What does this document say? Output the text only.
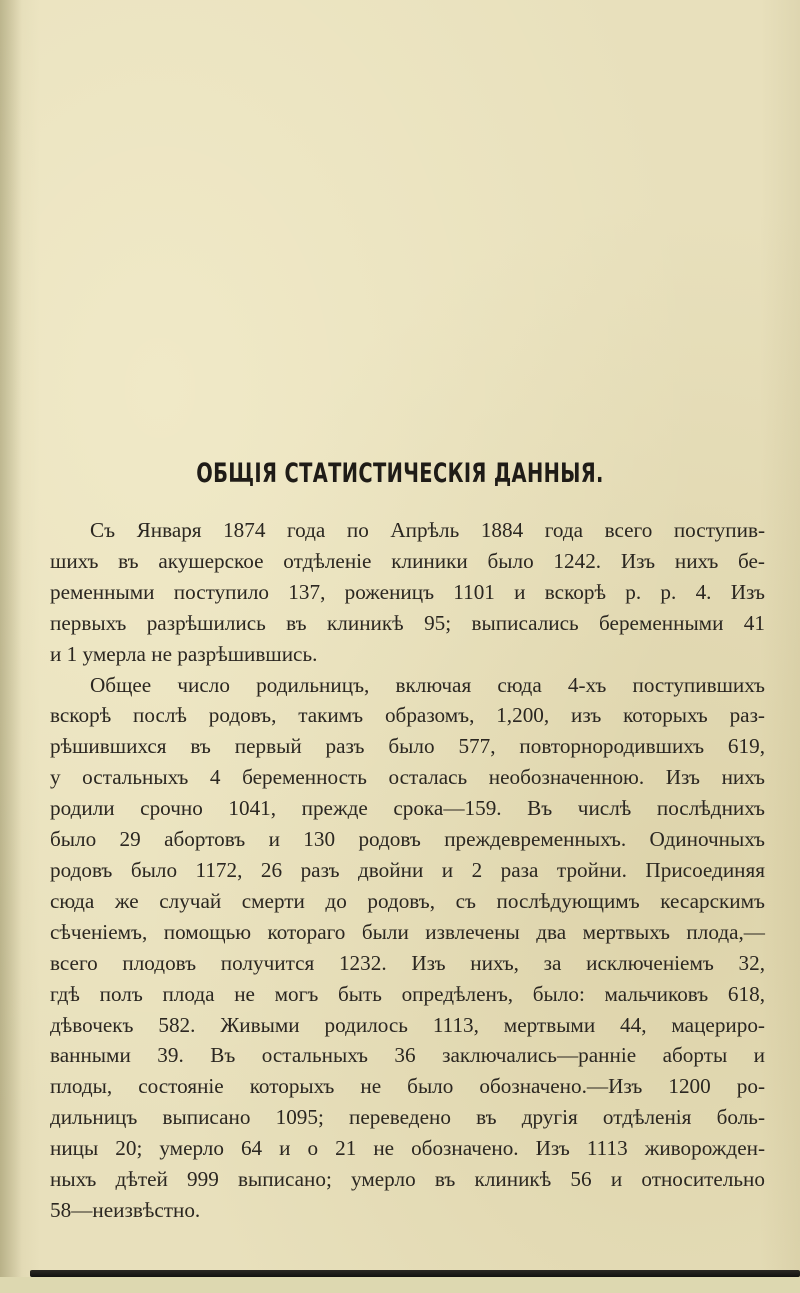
ОБЩІЯ СТАТИСТИЧЕСКІЯ ДАННЫЯ.
Съ Января 1874 года по Апрѣль 1884 года всего поступив-
шихъ въ акушерское отдѣленіе клиники было 1242. Изъ нихъ бе-
ременными поступило 137, роженицъ 1101 и вскорѣ р. р. 4. Изъ
первыхъ разрѣшились въ клиникѣ 95; выписались беременными 41
и 1 умерла не разрѣшившись.
Общее число родильницъ, включая сюда 4-хъ поступившихъ
вскорѣ послѣ родовъ, такимъ образомъ, 1,200, изъ которыхъ раз-
рѣшившихся въ первый разъ было 577, повторнородившихъ 619,
у остальныхъ 4 беременность осталась необозначенною. Изъ нихъ
родили срочно 1041, прежде срока—159. Въ числѣ послѣднихъ
было 29 абортовъ и 130 родовъ преждевременныхъ. Одиночныхъ
родовъ было 1172, 26 разъ двойни и 2 раза тройни. Присоединяя
сюда же случай смерти до родовъ, съ послѣдующимъ кесарскимъ
сѣченіемъ, помощью котораго были извлечены два мертвыхъ плода,—
всего плодовъ получится 1232. Изъ нихъ, за исключеніемъ 32,
гдѣ полъ плода не могъ быть опредѣленъ, было: мальчиковъ 618,
дѣвочекъ 582. Живыми родилось 1113, мертвыми 44, мацериро-
ванными 39. Въ остальныхъ 36 заключались—ранніе аборты и
плоды, состояніе которыхъ не было обозначено.—Изъ 1200 ро-
дильницъ выписано 1095; переведено въ другія отдѣленія боль-
ницы 20; умерло 64 и о 21 не обозначено. Изъ 1113 живорожден-
ныхъ дѣтей 999 выписано; умерло въ клиникѣ 56 и относительно
58—неизвѣстно.
